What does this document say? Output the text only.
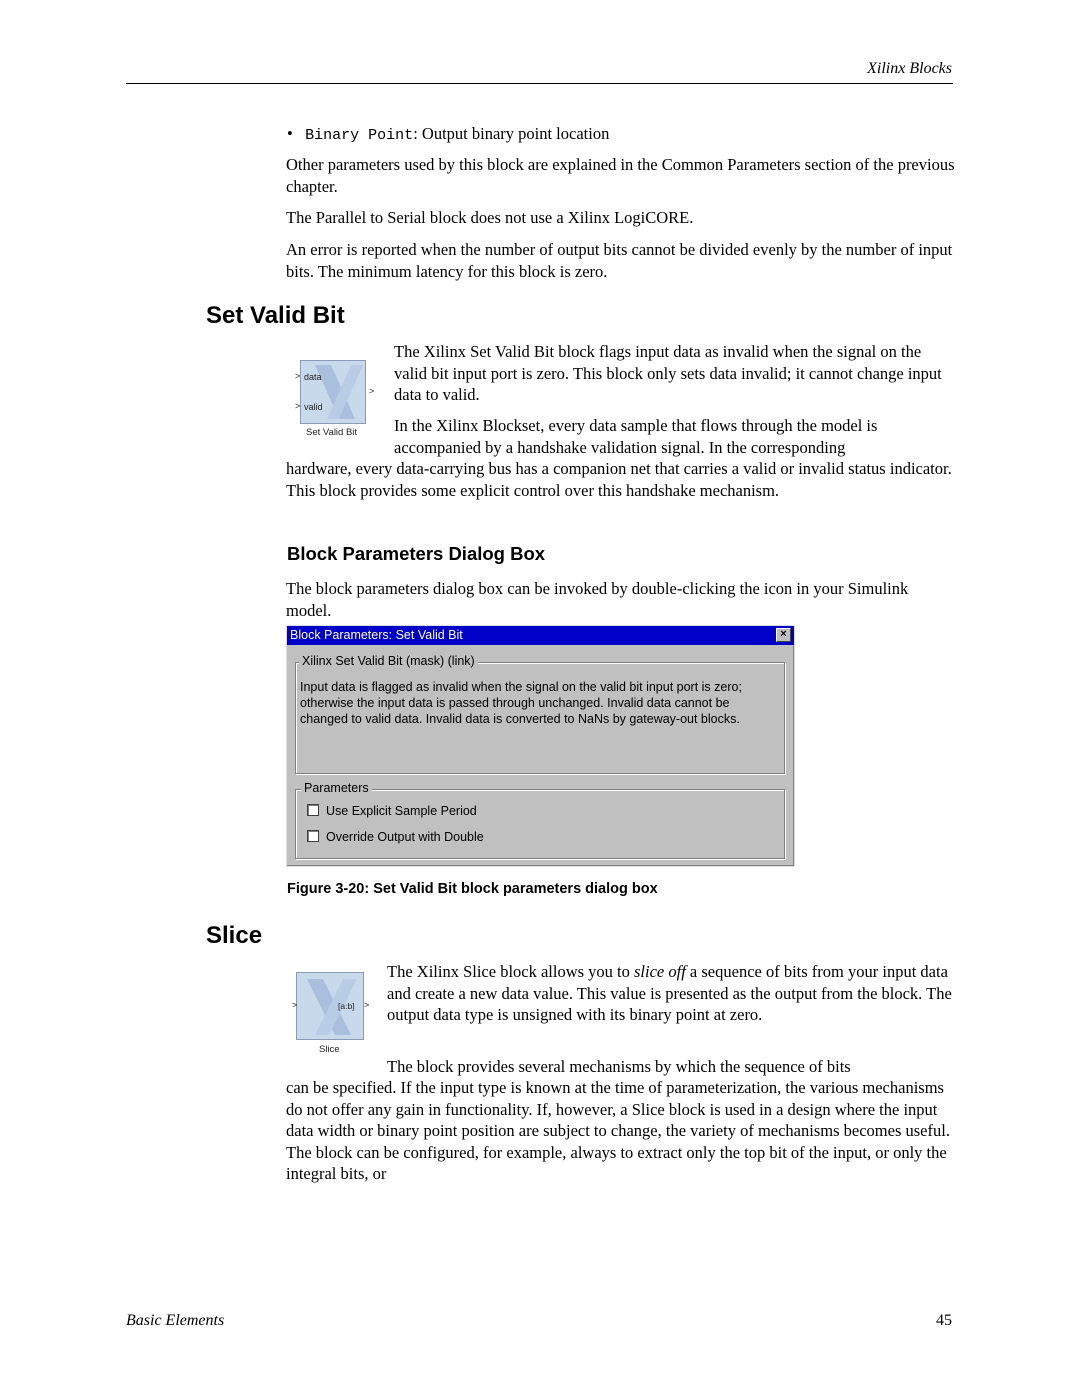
Xilinx Blocks
• Binary Point: Output binary point location

Other parameters used by this block are explained in the Common Parameters section of the previous chapter.

The Parallel to Serial block does not use a Xilinx LogiCORE.

An error is reported when the number of output bits cannot be divided evenly by the number of input bits. The minimum latency for this block is zero.

Set Valid Bit
> data
> valid
>
Set Valid Bit

The Xilinx Set Valid Bit block flags input data as invalid when the signal on the valid bit input port is zero. This block only sets data invalid; it cannot change input data to valid.

In the Xilinx Blockset, every data sample that flows through the model is accompanied by a handshake validation signal. In the corresponding

hardware, every data-carrying bus has a companion net that carries a valid or invalid status indicator. This block provides some explicit control over this handshake mechanism.

Block Parameters Dialog Box

The block parameters dialog box can be invoked by double-clicking the icon in your Simulink model.

Block Parameters: Set Valid Bit	×
Input data is flagged as invalid when the signal on the valid bit input port is zero; otherwise the input data is passed through unchanged. Invalid data cannot be changed to valid data. Invalid data is converted to NaNs by gateway-out blocks.
Xilinx Set Valid Bit (mask) (link)
Parameters
Use Explicit Sample Period
Override Output with Double
Figure 3-20: Set Valid Bit block parameters dialog box
Slice
>	[a:b] >
Slice

The Xilinx Slice block allows you to slice off a sequence of bits from your input data and create a new data value. This value is presented as the output from the block. The output data type is unsigned with its binary point at zero.

The block provides several mechanisms by which the sequence of bits

can be specified. If the input type is known at the time of parameterization, the various mechanisms do not offer any gain in functionality. If, however, a Slice block is used in a design where the input data width or binary point position are subject to change, the variety of mechanisms becomes useful. The block can be configured, for example, always to extract only the top bit of the input, or only the integral bits, or

Basic Elements	45
